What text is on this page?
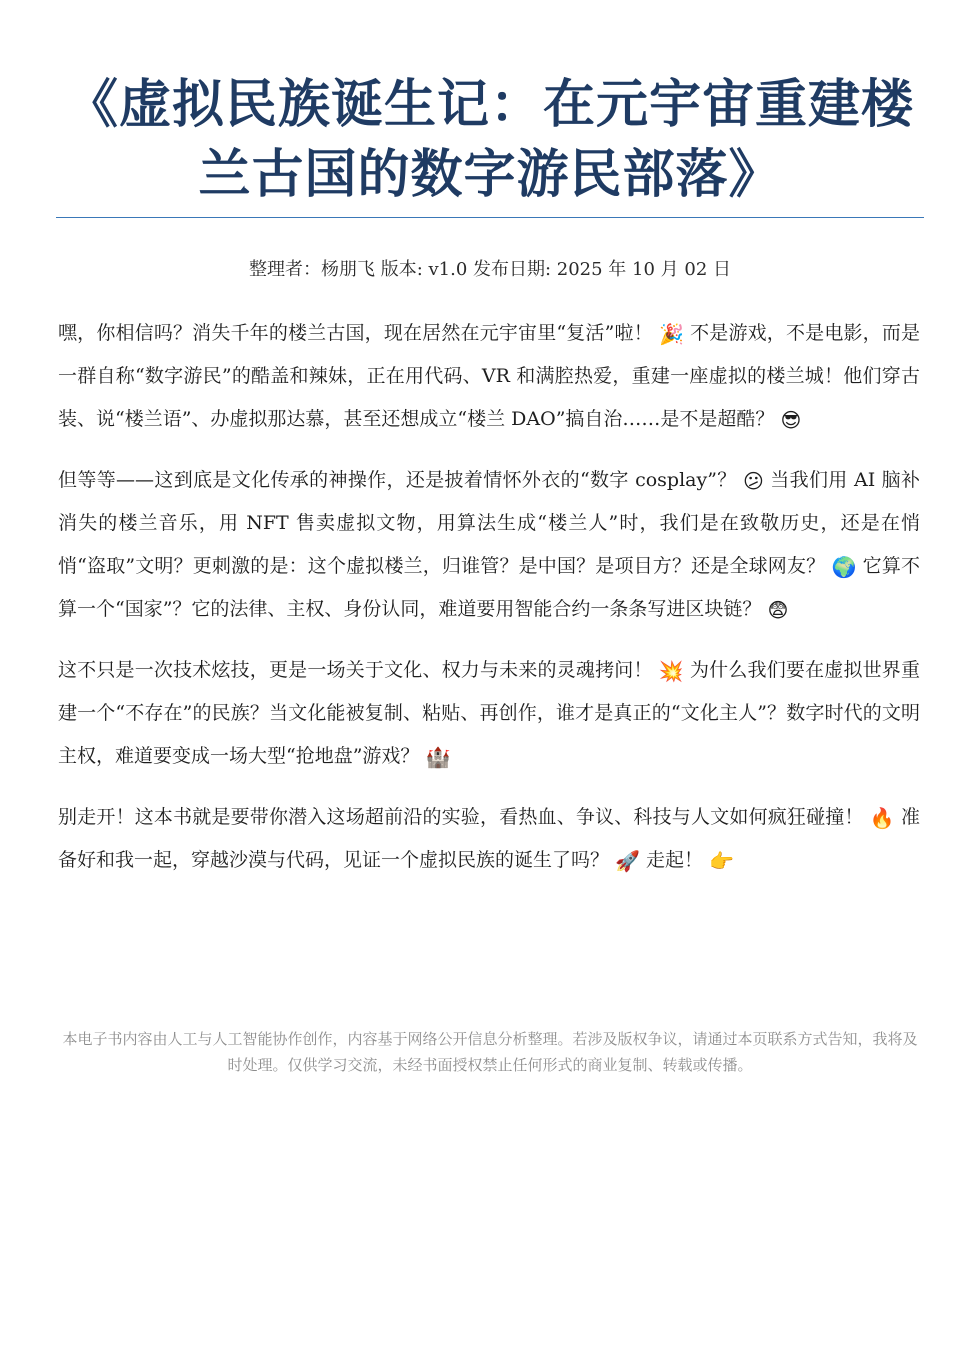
《虚拟民族诞生记：在元宇宙重建楼兰古国的数字游民部落》
整理者：杨朋飞 版本: v1.0 发布日期: 2025 年 10 月 02 日

嘿，你相信吗？消失千年的楼兰古国，现在居然在元宇宙里“复活”啦！ 🎉 不是游戏，不是电影，而是一群自称“数字游民”的酷盖和辣妹，正在用代码、VR 和满腔热爱，重建一座虚拟的楼兰城！他们穿古装、说“楼兰语”、办虚拟那达慕，甚至还想成立“楼兰 DAO”搞自治……是不是超酷？ 😎

但等等——这到底是文化传承的神操作，还是披着情怀外衣的“数字 cosplay”？ 😕 当我们用 AI 脑补消失的楼兰音乐，用 NFT 售卖虚拟文物，用算法生成“楼兰人”时，我们是在致敬历史，还是在悄悄“盗取”文明？更刺激的是：这个虚拟楼兰，归谁管？是中国？是项目方？还是全球网友？ 🌍 它算不算一个“国家”？它的法律、主权、身份认同，难道要用智能合约一条条写进区块链？ 😨

这不只是一次技术炫技，更是一场关于文化、权力与未来的灵魂拷问！ 💥 为什么我们要在虚拟世界重建一个“不存在”的民族？当文化能被复制、粘贴、再创作，谁才是真正的“文化主人”？数字时代的文明主权，难道要变成一场大型“抢地盘”游戏？ 🏰

别走开！这本书就是要带你潜入这场超前沿的实验，看热血、争议、科技与人文如何疯狂碰撞！ 🔥 准备好和我一起，穿越沙漠与代码，见证一个虚拟民族的诞生了吗？ 🚀 走起！ 👉

本电子书内容由人工与人工智能协作创作，内容基于网络公开信息分析整理。若涉及版权争议，请通过本页联系方式告知，我将及时处理。仅供学习交流，未经书面授权禁止任何形式的商业复制、转载或传播。
